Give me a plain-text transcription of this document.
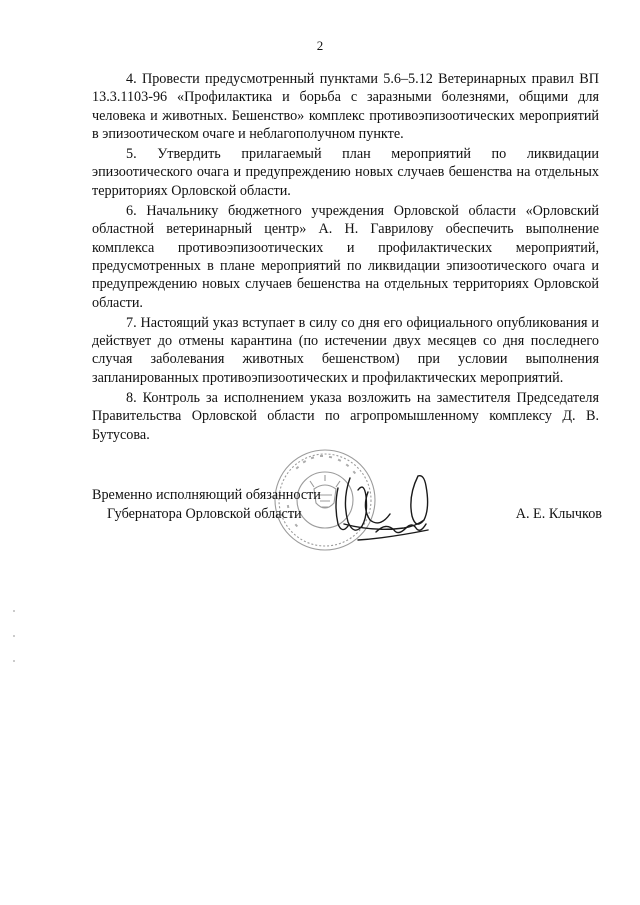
2

4. Провести предусмотренный пунктами 5.6–5.12 Ветеринарных правил ВП 13.3.1103-96 «Профилактика и борьба с заразными болезнями, общими для человека и животных. Бешенство» комплекс противоэпизоотических мероприятий в эпизоотическом очаге и неблагополучном пункте.

5. Утвердить прилагаемый план мероприятий по ликвидации эпизоотического очага и предупреждению новых случаев бешенства на отдельных территориях Орловской области.

6. Начальнику бюджетного учреждения Орловской области «Орловский областной ветеринарный центр» А. Н. Гаврилову обеспечить выполнение комплекса противоэпизоотических и профилактических мероприятий, предусмотренных в плане мероприятий по ликвидации эпизоотического очага и предупреждению новых случаев бешенства на отдельных территориях Орловской области.

7. Настоящий указ вступает в силу со дня его официального опубликования и действует до отмены карантина (по истечении двух месяцев со дня последнего случая заболевания животных бешенством) при условии выполнения запланированных противоэпизоотических и профилактических мероприятий.

8. Контроль за исполнением указа возложить на заместителя Председателя Правительства Орловской области по агропромышленному комплексу Д. В. Бутусова.

Временно исполняющий обязанности
Губернатора Орловской области	А. Е. Клычков
